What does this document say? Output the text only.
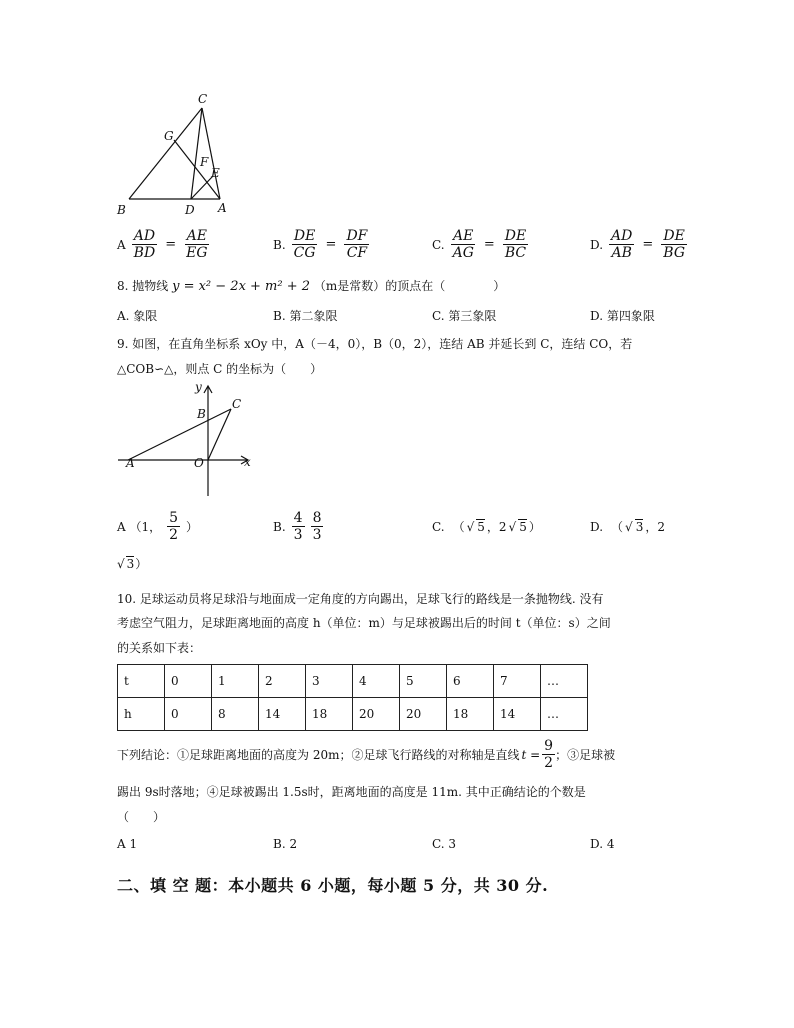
C
G
F
E
B	D A
A $\frac{AD}{BD} = \frac{AE}{EG}$	B. $\frac{DE}{CG} = \frac{DF}{CF}$	C. $\frac{AE}{AG} = \frac{DE}{BC}$	D. $\frac{AD}{AB} = \frac{DE}{BG}$
8. 抛物线 y = x² − 2x + m² + 2 （m是常数）的顶点在（　　　　）
A. 象限	B. 第二象限	C. 第三象限	D. 第四象限
9. 如图，在直角坐标系 xOy 中，A（－4，0），B（0，2），连结 AB 并延长到 C，连结 CO，若
△COB∽△，则点 C 的坐标为（　　）
y
B
C
A	O	x
A （1， $\frac{5}{2}$ ）	B. $\frac{4}{3} \frac{8}{3}$	C. （ √ 5 ，2 √ 5 ）	D. （ √ 3 ，2
√ 3 ）
10. 足球运动员将足球沿与地面成一定角度的方向踢出，足球飞行的路线是一条抛物线. 没有
考虑空气阻力，足球距离地面的高度 h（单位：m）与足球被踢出后的时间 t（单位：s）之间
的关系如下表：
t	0	1	2	3	4	5	6	7	…
h	0	8	14	18	20	20	18	14	…
下列结论：①足球距离地面的高度为 20m；②足球飞行路线的对称轴是直线 $t = \frac{9}{2}$ ；③足球被
踢出 9s时落地；④足球被踢出 1.5s时，距离地面的高度是 11m. 其中正确结论的个数是
（　　）
A 1	B. 2	C. 3	D. 4
二、填 空 题：本小题共 6 小题，每小题 5 分，共 30 分.
